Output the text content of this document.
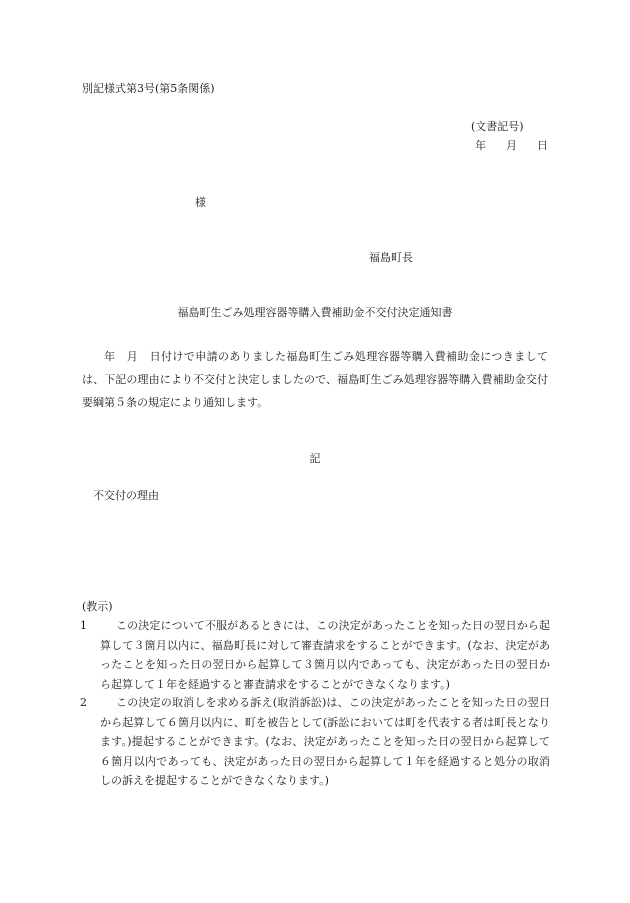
別記様式第3号(第5条関係)
(文書記号)
年 月 日
様
福島町長
福島町生ごみ処理容器等購入費補助金不交付決定通知書
年　月　日付けで申請のありました福島町生ごみ処理容器等購入費補助金につきましては、下記の理由により不交付と決定しましたので、福島町生ごみ処理容器等購入費補助金交付要綱第５条の規定により通知します。
記
不交付の理由
(教示)
1	この決定について不服があるときには、この決定があったことを知った日の翌日から起算して３箇月以内に、福島町長に対して審査請求をすることができます。(なお、決定があったことを知った日の翌日から起算して３箇月以内であっても、決定があった日の翌日から起算して１年を経過すると審査請求をすることができなくなります。)
2	この決定の取消しを求める訴え(取消訴訟)は、この決定があったことを知った日の翌日から起算して６箇月以内に、町を被告として(訴訟においては町を代表する者は町長となります。)提起することができます。(なお、決定があったことを知った日の翌日から起算して６箇月以内であっても、決定があった日の翌日から起算して１年を経過すると処分の取消しの訴えを提起することができなくなります。)
